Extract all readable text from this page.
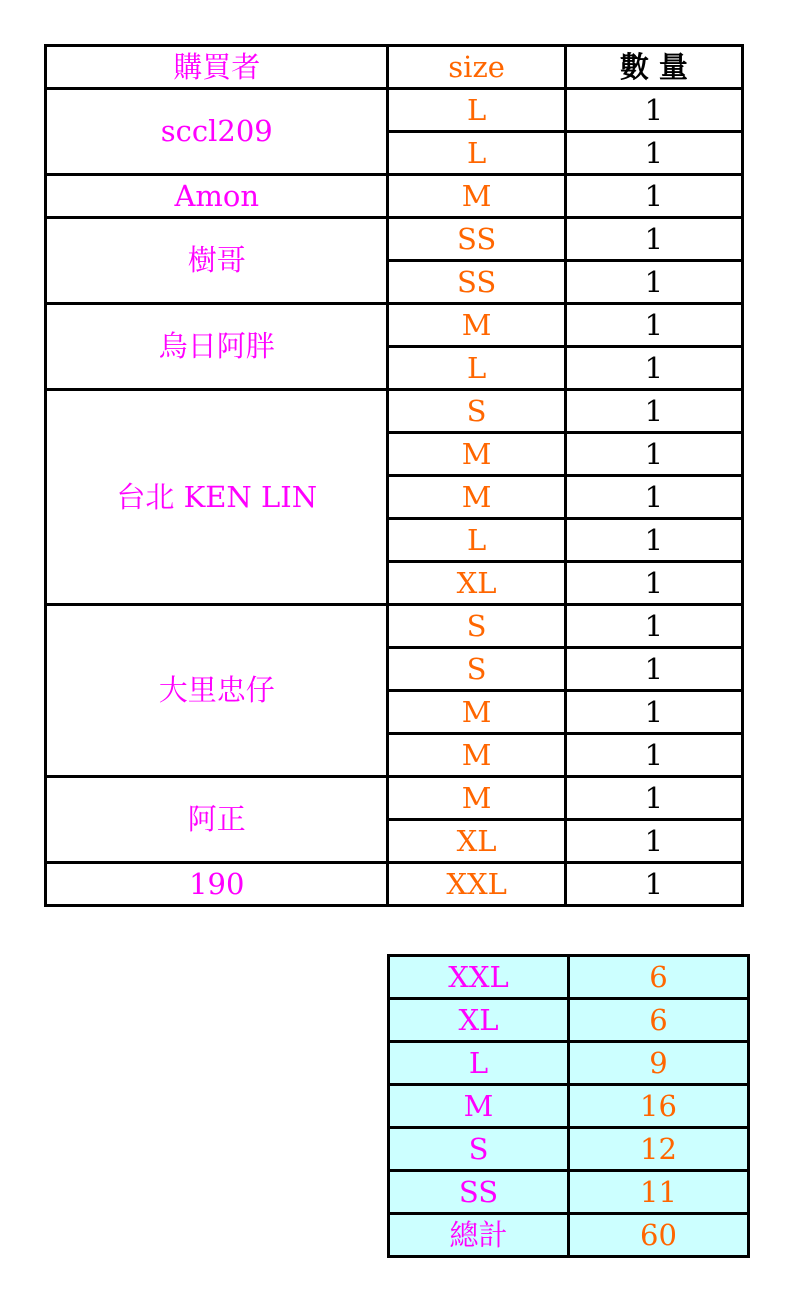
購買者	size	數 量
sccl209	L	1
	L	1
Amon	M	1
樹哥	SS	1
	SS	1
烏日阿胖	M	1
	L	1
台北 KEN LIN	S	1
	M	1
	M	1
	L	1
	XL	1
大里忠仔	S	1
	S	1
	M	1
	M	1
阿正	M	1
	XL	1
190	XXL	1
XXL	6
XL	6
L	9
M	16
S	12
SS	11
總計	60
